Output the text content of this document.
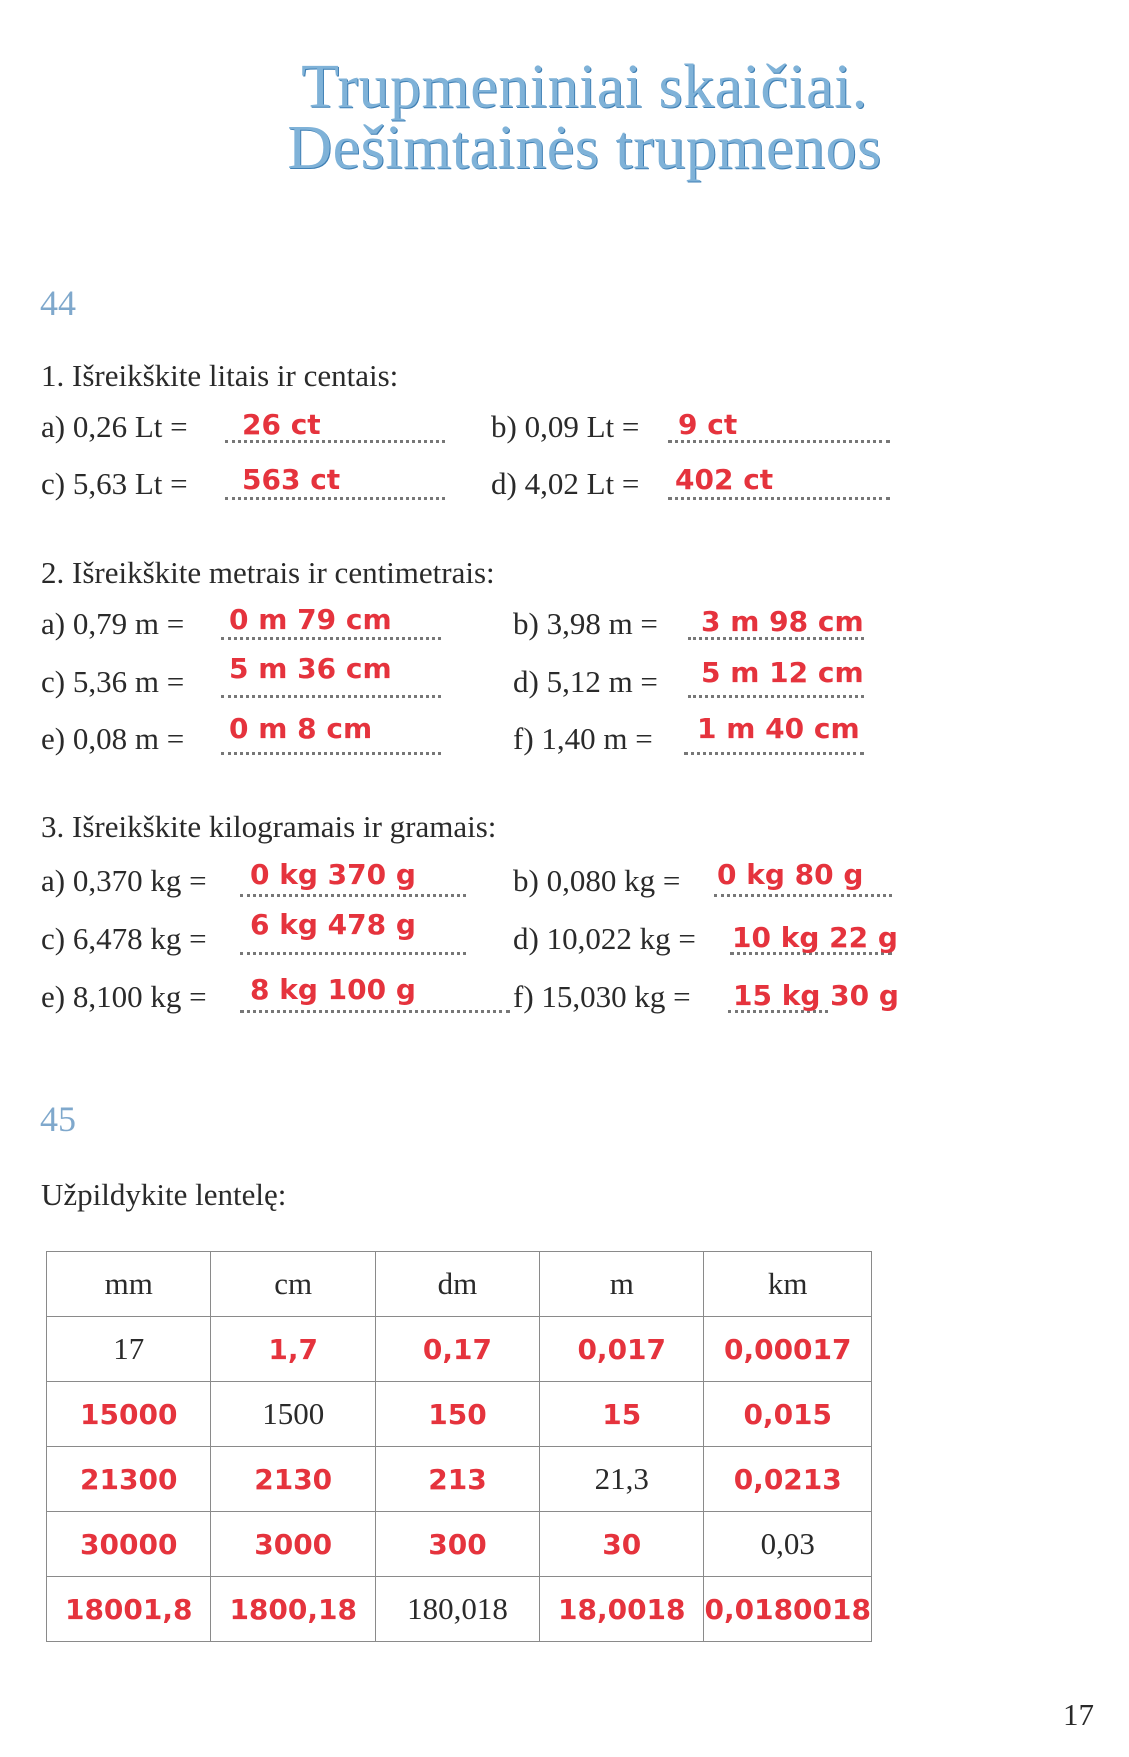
Trupmeniniai skaičiai.
Dešimtainės trupmenos
44
1. Išreikškite litais ir centais:
a) 0,26 Lt = 26 ct	b) 0,09 Lt = 9 ct
c) 5,63 Lt = 563 ct	d) 4,02 Lt = 402 ct
2. Išreikškite metrais ir centimetrais:
a) 0,79 m = 0 m 79 cm	b) 3,98 m = 3 m 98 cm
c) 5,36 m = 5 m 36 cm	d) 5,12 m = 5 m 12 cm
e) 0,08 m = 0 m 8 cm	f) 1,40 m = 1 m 40 cm
3. Išreikškite kilogramais ir gramais:
a) 0,370 kg = 0 kg 370 g	b) 0,080 kg = 0 kg 80 g
c) 6,478 kg = 6 kg 478 g	d) 10,022 kg = 10 kg 22 g
e) 8,100 kg = 8 kg 100 g	f) 15,030 kg = 15 kg 30 g
45
Užpildykite lentelę:
mm	cm	dm	m	km
17	1,7	0,17	0,017	0,00017
15000	1500	150	15	0,015
21300	2130	213	21,3	0,0213
30000	3000	300	30	0,03
18001,8	1800,18	180,018	18,0018	0,0180018
17
